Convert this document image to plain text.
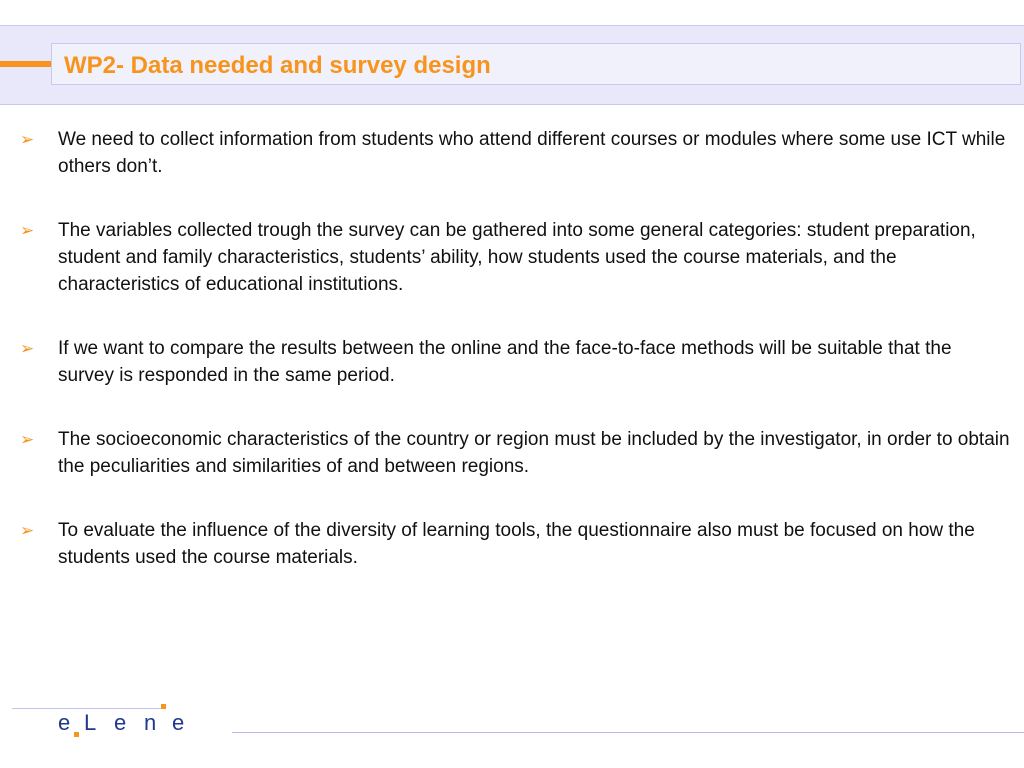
WP2- Data needed and survey design
➢ We need to collect information from students who attend different courses or modules where some use ICT while others don’t.
➢ The variables collected trough the survey can be gathered into some general categories: student preparation, student and family characteristics, students’ ability, how students used the course materials, and the characteristics of educational institutions.
➢ If we want to compare the results between the online and the face-to-face methods will be suitable that the survey is responded in the same period.
➢ The socioeconomic characteristics of the country or region must be included by the investigator, in order to obtain the peculiarities and similarities of and between regions.
➢ To evaluate the influence of the diversity of learning tools, the questionnaire also must be focused on how the students used the course materials.
e L e n e
